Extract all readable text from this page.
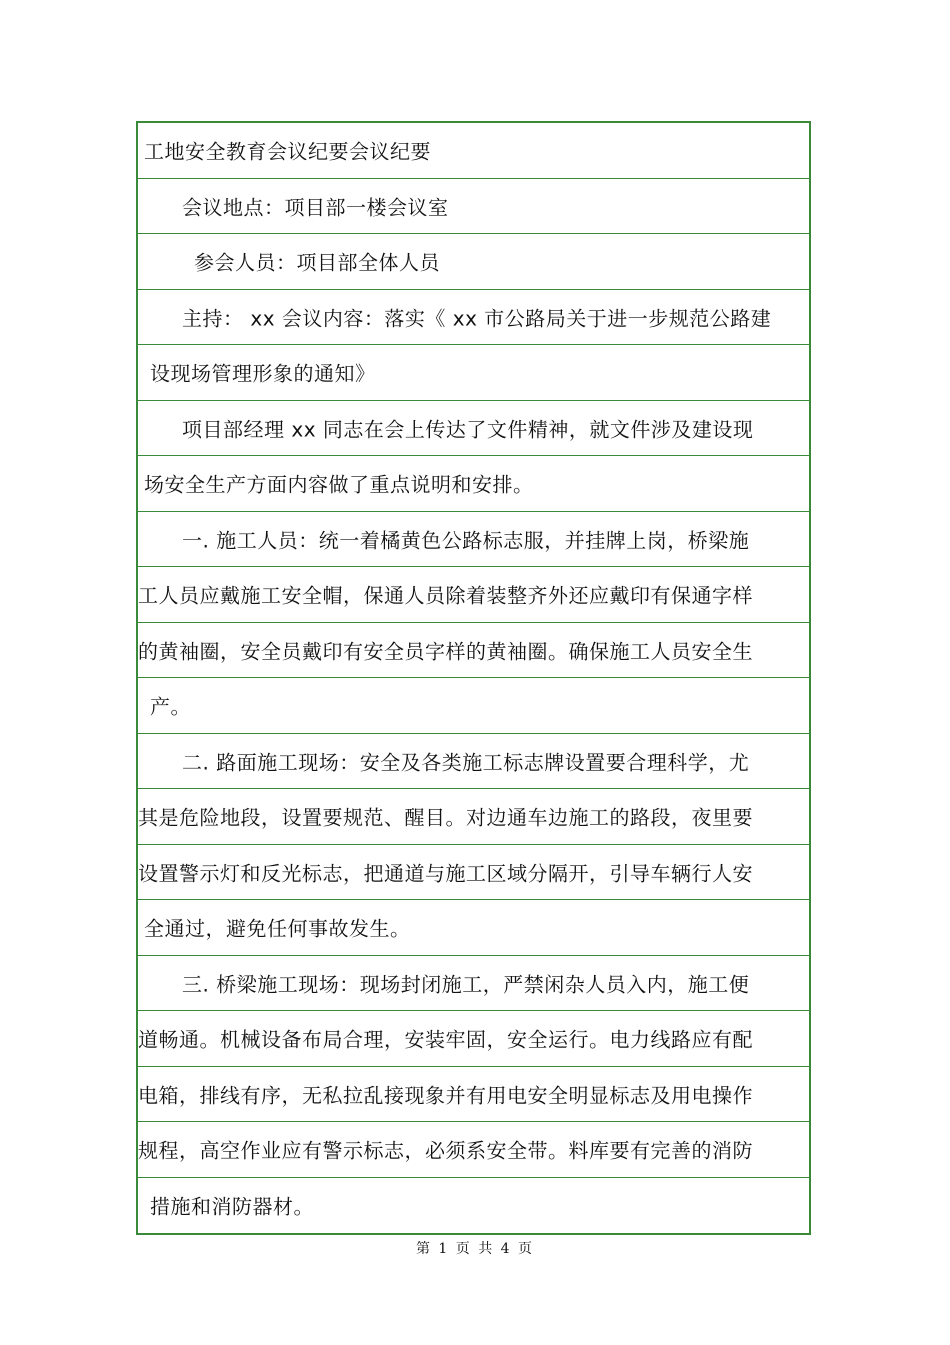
工地安全教育会议纪要会议纪要
会议地点：项目部一楼会议室
参会人员：项目部全体人员
主持： xx 会议内容：落实《 xx 市公路局关于进一步规范公路建
设现场管理形象的通知》
项目部经理 xx 同志在会上传达了文件精神，就文件涉及建设现
场安全生产方面内容做了重点说明和安排。
一. 施工人员：统一着橘黄色公路标志服，并挂牌上岗，桥梁施
工人员应戴施工安全帽，保通人员除着装整齐外还应戴印有保通字样
的黄袖圈，安全员戴印有安全员字样的黄袖圈。确保施工人员安全生
产。
二. 路面施工现场：安全及各类施工标志牌设置要合理科学，尤
其是危险地段，设置要规范、醒目。对边通车边施工的路段，夜里要
设置警示灯和反光标志，把通道与施工区域分隔开，引导车辆行人安
全通过，避免任何事故发生。
三. 桥梁施工现场：现场封闭施工，严禁闲杂人员入内，施工便
道畅通。机械设备布局合理，安装牢固，安全运行。电力线路应有配
电箱，排线有序，无私拉乱接现象并有用电安全明显标志及用电操作
规程，高空作业应有警示标志，必须系安全带。料库要有完善的消防
措施和消防器材。
第 1 页 共 4 页
